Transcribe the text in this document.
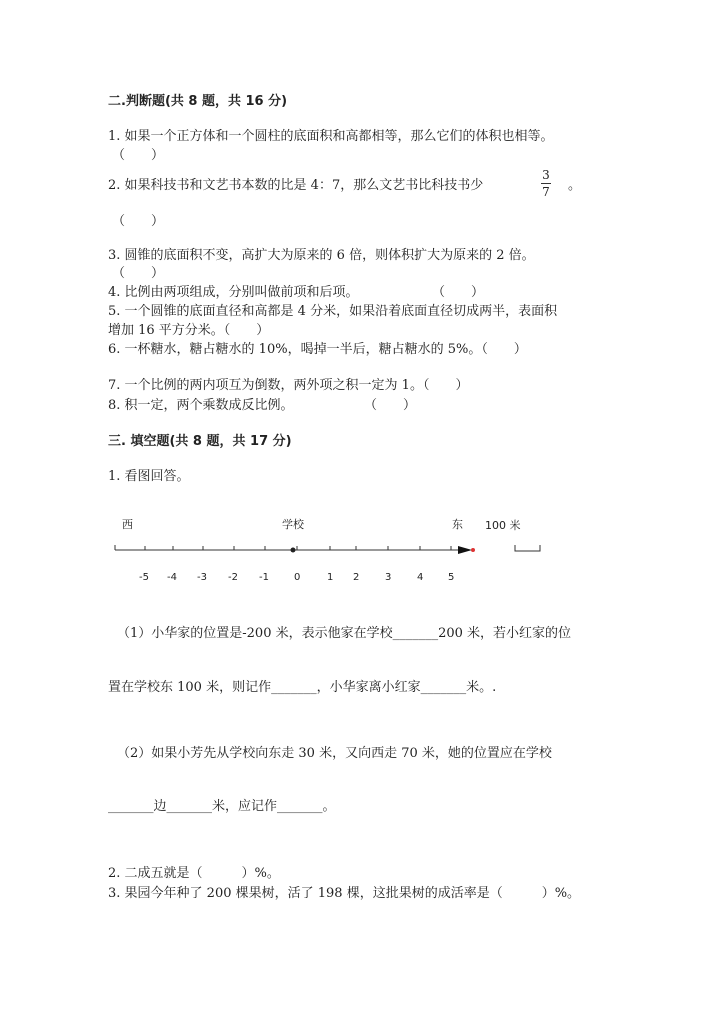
二.判断题(共 8 题，共 16 分)
1. 如果一个正方体和一个圆柱的底面积和高都相等，那么它们的体积也相等。
（　　）
2. 如果科技书和文艺书本数的比是 4：7，那么文艺书比科技书少
3
7 。
（　　）
3. 圆锥的底面积不变，高扩大为原来的 6 倍，则体积扩大为原来的 2 倍。
（　　）
4. 比例由两项组成，分别叫做前项和后项。	（　　）
5. 一个圆锥的底面直径和高都是 4 分米，如果沿着底面直径切成两半，表面积
增加 16 平方分米。（　　）
6. 一杯糖水，糖占糖水的 10%，喝掉一半后，糖占糖水的 5%。（　　）
7. 一个比例的两内项互为倒数，两外项之积一定为 1。（　　）
8. 积一定，两个乘数成反比例。	（　　）
三. 填空题(共 8 题，共 17 分)
1. 看图回答。
西	学校	东 100 米
-5 -4 -3 -2 -1	0	1 2	3	4 5
（1）小华家的位置是-200 米，表示他家在学校_______200 米，若小红家的位
置在学校东 100 米，则记作_______，小华家离小红家_______米。.
（2）如果小芳先从学校向东走 30 米，又向西走 70 米，她的位置应在学校
_______边_______米，应记作_______。
2. 二成五就是（　　　）%。
3. 果园今年种了 200 棵果树，活了 198 棵，这批果树的成活率是（　　　）%。
